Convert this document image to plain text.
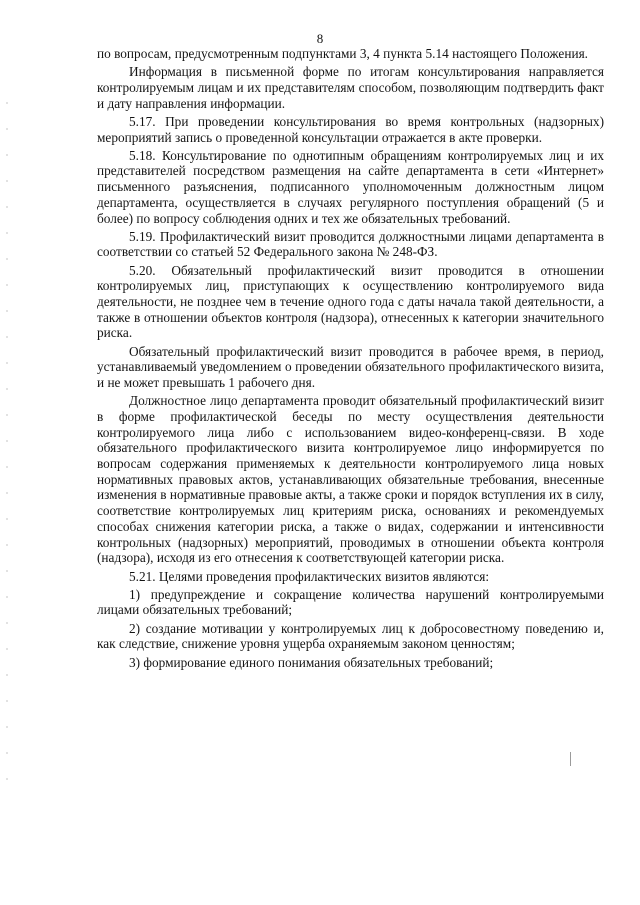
8

по вопросам, предусмотренным подпунктами 3, 4 пункта 5.14 настоящего Положения.

Информация в письменной форме по итогам консультирования направляется контролируемым лицам и их представителям способом, позволяющим подтвердить факт и дату направления информации.

5.17. При проведении консультирования во время контрольных (надзорных) мероприятий запись о проведенной консультации отражается в акте проверки.

5.18. Консультирование по однотипным обращениям контролируемых лиц и их представителей посредством размещения на сайте департамента в сети «Интернет» письменного разъяснения, подписанного уполномоченным должностным лицом департамента, осуществляется в случаях регулярного поступления обращений (5 и более) по вопросу соблюдения одних и тех же обязательных требований.

5.19. Профилактический визит проводится должностными лицами департамента в соответствии со статьей 52 Федерального закона № 248-ФЗ.

5.20. Обязательный профилактический визит проводится в отношении контролируемых лиц, приступающих к осуществлению контролируемого вида деятельности, не позднее чем в течение одного года с даты начала такой деятельности, а также в отношении объектов контроля (надзора), отнесенных к категории значительного риска.

Обязательный профилактический визит проводится в рабочее время, в период, устанавливаемый уведомлением о проведении обязательного профилактического визита, и не может превышать 1 рабочего дня.

Должностное лицо департамента проводит обязательный профилактический визит в форме профилактической беседы по месту осуществления деятельности контролируемого лица либо с использованием видео-конференц-связи. В ходе обязательного профилактического визита контролируемое лицо информируется по вопросам содержания применяемых к деятельности контролируемого лица новых нормативных правовых актов, устанавливающих обязательные требования, внесенные изменения в нормативные правовые акты, а также сроки и порядок вступления их в силу, соответствие контролируемых лиц критериям риска, основаниях и рекомендуемых способах снижения категории риска, а также о видах, содержании и интенсивности контрольных (надзорных) мероприятий, проводимых в отношении объекта контроля (надзора), исходя из его отнесения к соответствующей категории риска.

5.21. Целями проведения профилактических визитов являются:

1) предупреждение и сокращение количества нарушений контролируемыми лицами обязательных требований;

2) создание мотивации у контролируемых лиц к добросовестному поведению и, как следствие, снижение уровня ущерба охраняемым законом ценностям;

3) формирование единого понимания обязательных требований;
